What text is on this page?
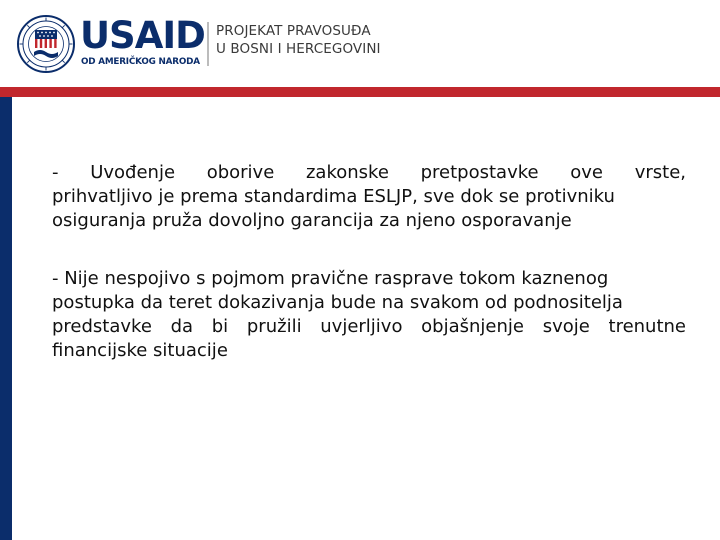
USAID
OD AMERIČKOG NARODA
PROJEKAT PRAVOSUĐA
U BOSNI I HERCEGOVINI

- Uvođenje oborive zakonske pretpostavke ove vrste,
prihvatljivo je prema standardima ESLJP, sve dok se protivniku
osiguranja pruža dovoljno garancija za njeno osporavanje

- Nije nespojivo s pojmom pravične rasprave tokom kaznenog
postupka da teret dokazivanja bude na svakom od podnositelja
predstavke da bi pružili uvjerljivo objašnjenje svoje trenutne
financijske situacije
